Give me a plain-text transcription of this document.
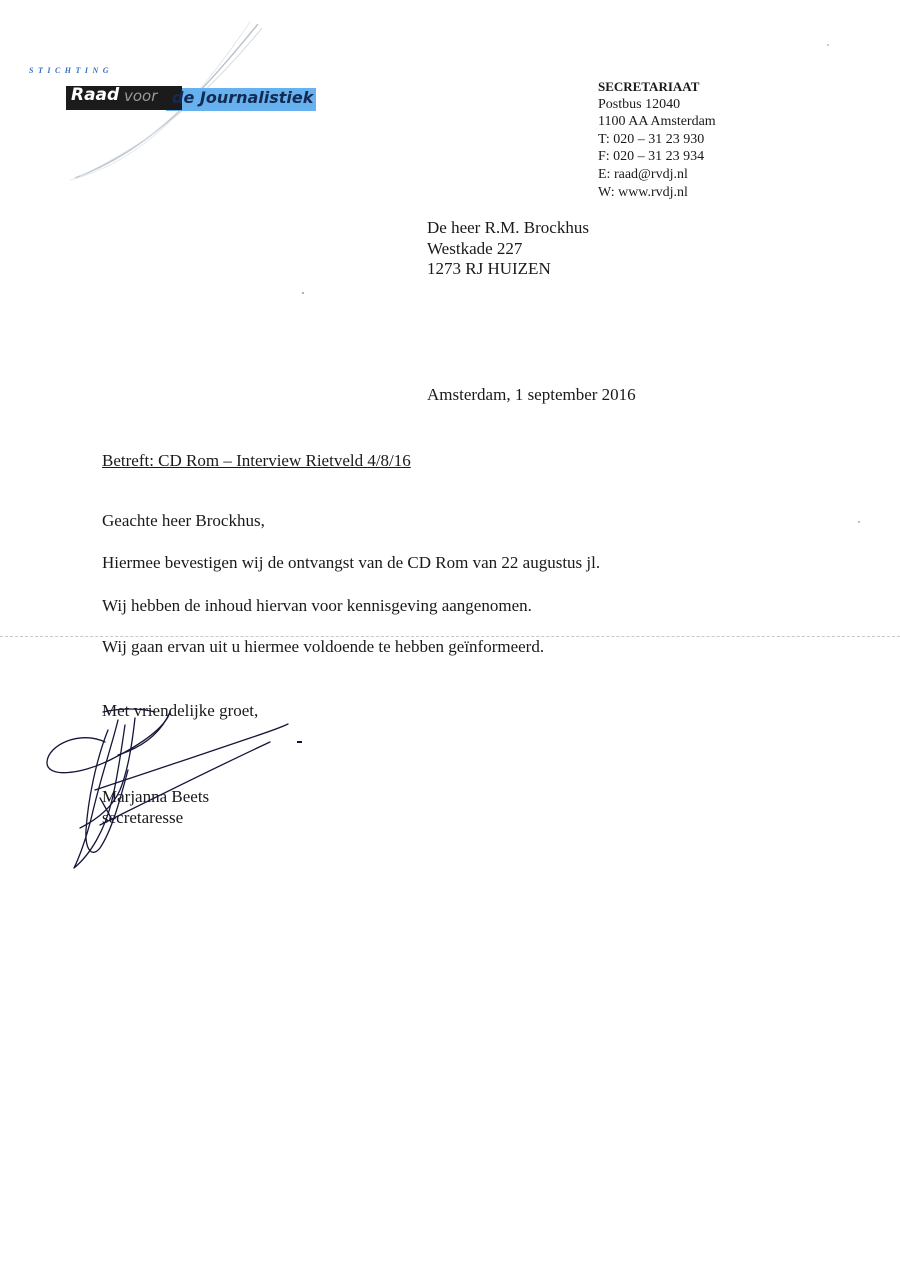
STICHTING
Raad voor de Journalistiek
SECRETARIAAT
Postbus 12040
1100 AA Amsterdam
T: 020 – 31 23 930
F: 020 – 31 23 934
E: raad@rvdj.nl
W: www.rvdj.nl
De heer R.M. Brockhus
Westkade 227
1273 RJ HUIZEN
Amsterdam, 1 september 2016
Betreft: CD Rom – Interview Rietveld 4/8/16
Geachte heer Brockhus,
Hiermee bevestigen wij de ontvangst van de CD Rom van 22 augustus jl.
Wij hebben de inhoud hiervan voor kennisgeving aangenomen.
Wij gaan ervan uit u hiermee voldoende te hebben geïnformeerd.
Met vriendelijke groet,
Marjanna Beets
secretaresse
